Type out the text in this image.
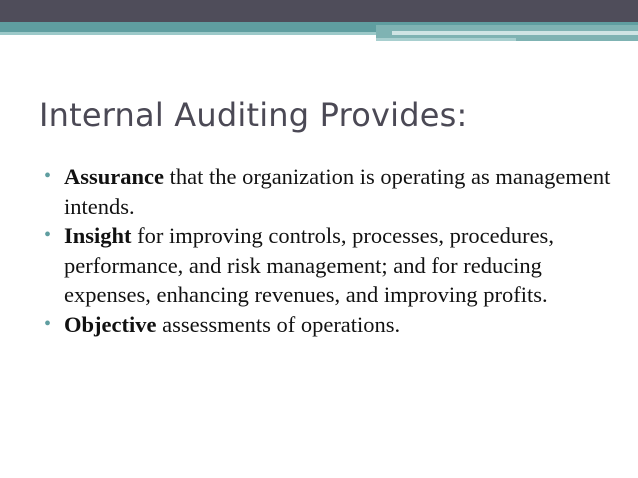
Internal Auditing Provides:
• Assurance that the organization is operating as management intends.
• Insight for improving controls, processes, procedures, performance, and risk management; and for reducing expenses, enhancing revenues, and improving profits.
• Objective assessments of operations.
